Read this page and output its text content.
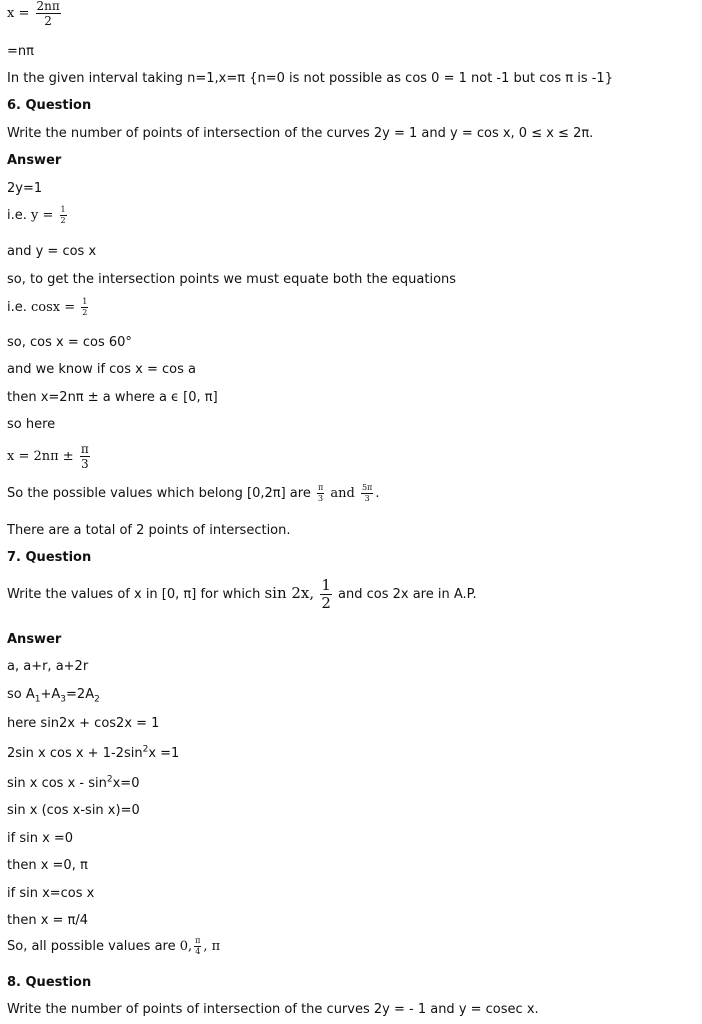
$x = \frac{2n\pi}{2}$
=nπ
In the given interval taking n=1,x=π {n=0 is not possible as cos 0 = 1 not -1 but cos π is -1}
6. Question
Write the number of points of intersection of the curves 2y = 1 and y = cos x, 0 ≤ x ≤ 2π.
Answer
2y=1
i.e. $y = \frac{1}{2}$
and y = cos x
so, to get the intersection points we must equate both the equations
i.e. $\cos x = \frac{1}{2}$
so, cos x = cos 60°
and we know if cos x = cos a
then x=2nπ ± a where a ϵ [0, π]
so here
$x = 2n\pi \pm \frac{\pi}{3}$
So the possible values which belong [0,2π] are $\frac{\pi}{3}$ and $\frac{5\pi}{3}$ .
There are a total of 2 points of intersection.
7. Question
Write the values of x in [0, π] for which sin 2x, $\frac{1}{2}$ and cos 2x are in A.P.
Answer
a, a+r, a+2r
so $A_1+A_3=2A_2$
here sin2x + cos2x = 1
2sin x $\cos x + 1-2\sin^2x =1$
sin x $\cos x - \sin^2x=0$
sin x (cos x-sin x)=0
if sin x =0
then x =0, π
if sin x=cos x
then x = π/4
So, all possible values are 0, $\frac{\pi}{4}$ , π
8. Question
Write the number of points of intersection of the curves 2y = - 1 and y = cosec x.
